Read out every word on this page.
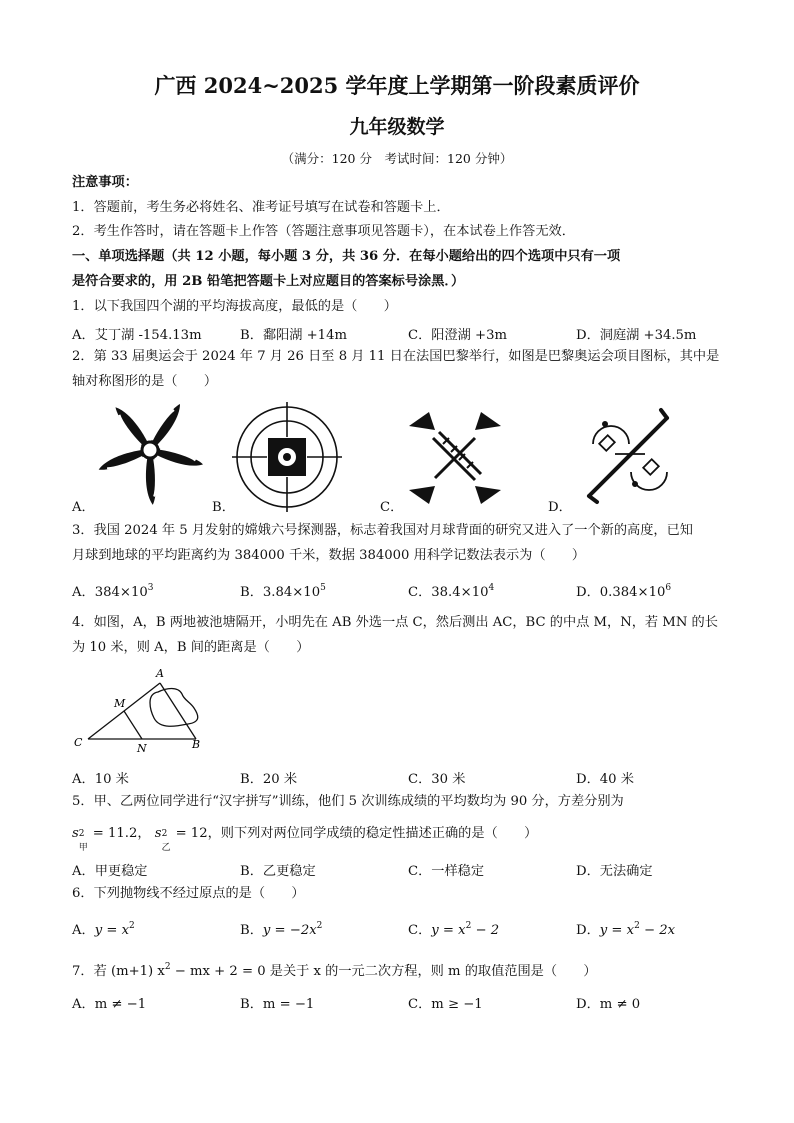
广西 2024~2025 学年度上学期第一阶段素质评价
九年级数学
（满分：120 分　考试时间：120 分钟）
注意事项：
1．答题前，考生务必将姓名、准考证号填写在试卷和答题卡上．
2．考生作答时，请在答题卡上作答（答题注意事项见答题卡），在本试卷上作答无效．
一、单项选择题（共 12 小题，每小题 3 分，共 36 分．在每小题给出的四个选项中只有一项
是符合要求的，用 2B 铅笔把答题卡上对应题目的答案标号涂黑．）
1．以下我国四个湖的平均海拔高度，最低的是（　　）
A．艾丁湖 -154.13m	B．鄱阳湖 +14m	C．阳澄湖 +3m	D．洞庭湖 +34.5m
2．第 33 届奥运会于 2024 年 7 月 26 日至 8 月 11 日在法国巴黎举行，如图是巴黎奥运会项目图标，其中是
轴对称图形的是（　　）
A．	B．	C．	D．
3．我国 2024 年 5 月发射的嫦娥六号探测器，标志着我国对月球背面的研究又进入了一个新的高度，已知
月球到地球的平均距离约为 384000 千米，数据 384000 用科学记数法表示为（　　）
A．$384\times 10^3$	B．$3.84\times 10^5$	C．$38.4\times 10^4$	D．$0.384\times 10^6$
4．如图，A，B 两地被池塘隔开，小明先在 AB 外选一点 C，然后测出 AC，BC 的中点 M，N，若 MN 的长
为 10 米，则 A，B 间的距离是（　　）
A
M
C	N	B
A．10 米	B．20 米	C．30 米	D．40 米
5．甲、乙两位同学进行“汉字拼写”训练，他们 5 次训练成绩的平均数均为 90 分，方差分别为
s 2
甲
= 11.2， s 2
乙
= 12，则下列对两位同学成绩的稳定性描述正确的是（　　）
A．甲更稳定	B．乙更稳定	C．一样稳定	D．无法确定
6．下列抛物线不经过原点的是（　　）
A．$y = x^2$	B．$y = -2x^2$	C．$y = x^2 - 2$	D．$y = x^2 - 2x$
7．若 (m+1) $x^2$ − mx + 2 = 0 是关于 x 的一元二次方程，则 m 的取值范围是（　　）
A．m ≠ −1	B．m = −1	C．m ≥ −1	D．m ≠ 0
